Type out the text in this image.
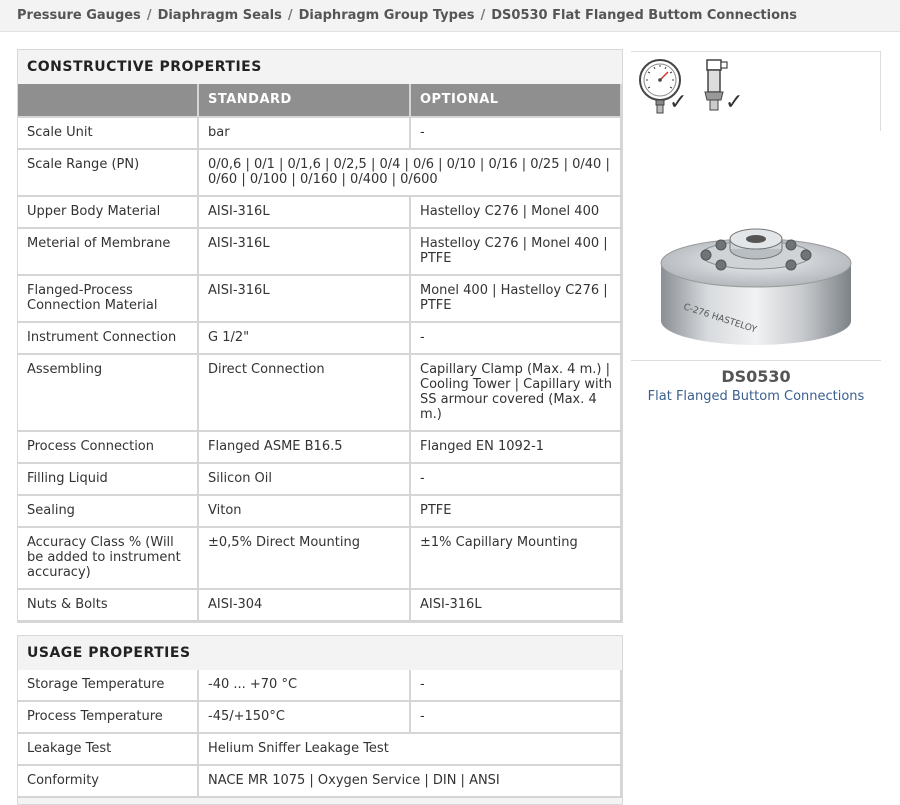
Pressure Gauges / Diaphragm Seals / Diaphragm Group Types / DS0530 Flat Flanged Buttom Connections
CONSTRUCTIVE PROPERTIES
	STANDARD	OPTIONAL
Scale Unit	bar	-
Scale Range (PN)	0/0,6 | 0/1 | 0/1,6 | 0/2,5 | 0/4 | 0/6 | 0/10 | 0/16 | 0/25 | 0/40 | 0/60 | 0/100 | 0/160 | 0/400 | 0/600	
Upper Body Material	AISI-316L	Hastelloy C276 | Monel 400
Meterial of Membrane	AISI-316L	Hastelloy C276 | Monel 400 | PTFE
Flanged-Process Connection Material	AISI-316L	Monel 400 | Hastelloy C276 | PTFE
Instrument Connection	G 1/2"	-
Assembling	Direct Connection	Capillary Clamp (Max. 4 m.) | Cooling Tower | Capillary with SS armour covered (Max. 4 m.)
Process Connection	Flanged ASME B16.5	Flanged EN 1092-1
Filling Liquid	Silicon Oil	-
Sealing	Viton	PTFE
Accuracy Class % (Will be added to instrument accuracy)	±0,5% Direct Mounting	±1% Capillary Mounting
Nuts & Bolts	AISI-304	AISI-316L
USAGE PROPERTIES
Storage Temperature	-40 ... +70 °C	-
Process Temperature	-45/+150°C	-
Leakage Test	Helium Sniffer Leakage Test	
Conformity	NACE MR 1075 | Oxygen Service | DIN | ANSI	
✓ ✓
C-276 HASTELOY
DS0530
Flat Flanged Buttom Connections
